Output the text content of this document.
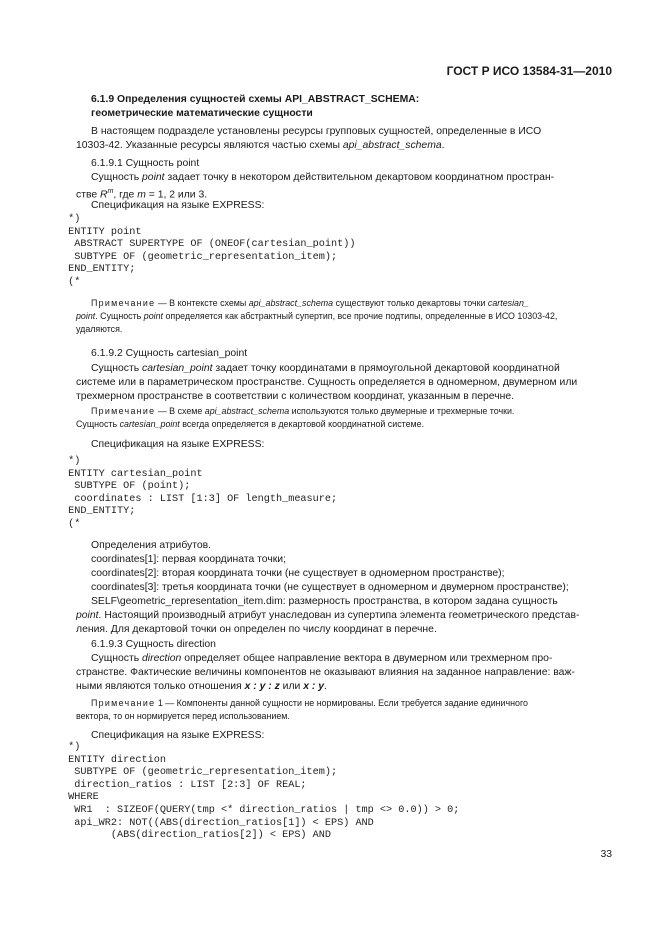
ГОСТ Р ИСО 13584-31—2010
6.1.9 Определения сущностей схемы API_ABSTRACT_SCHEMA:
геометрические математические сущности
В настоящем подразделе установлены ресурсы групповых сущностей, определенные в ИСО
10303-42. Указанные ресурсы являются частью схемы api_abstract_schema.
6.1.9.1 Сущность point
Сущность point задает точку в некотором действительном декартовом координатном простран-
стве $R^m$, где m = 1, 2 или 3.
Спецификация на языке EXPRESS:
*)
ENTITY point
ABSTRACT SUPERTYPE OF (ONEOF(cartesian_point))
SUBTYPE OF (geometric_representation_item);
END_ENTITY;
(*
Примечание — В контексте схемы api_abstract_schema существуют только декартовы точки cartesian_
point. Сущность point определяется как абстрактный супертип, все прочие подтипы, определенные в ИСО 10303-42,
удаляются.
6.1.9.2 Сущность cartesian_point
Сущность cartesian_point задает точку координатами в прямоугольной декартовой координатной
системе или в параметрическом пространстве. Сущность определяется в одномерном, двумерном или
трехмерном пространстве в соответствии с количеством координат, указанным в перечне.
Примечание — В схеме api_abstract_schema используются только двумерные и трехмерные точки.
Сущность cartesian_point всегда определяется в декартовой координатной системе.
Спецификация на языке EXPRESS:
*)
ENTITY cartesian_point
SUBTYPE OF (point);
coordinates : LIST [1:3] OF length_measure;
END_ENTITY;
(*
Определения атрибутов.
coordinates[1]: первая координата точки;
coordinates[2]: вторая координата точки (не существует в одномерном пространстве);
coordinates[3]: третья координата точки (не существует в одномерном и двумерном пространстве);
SELF\geometric_representation_item.dim: размерность пространства, в котором задана сущность
point. Настоящий производный атрибут унаследован из супертипа элемента геометрического представ-
ления. Для декартовой точки он определен по числу координат в перечне.
6.1.9.3 Сущность direction
Сущность direction определяет общее направление вектора в двумерном или трехмерном про-
странстве. Фактические величины компонентов не оказывают влияния на заданное направление: важ-
ными являются только отношения x : y : z или x : y.
Примечание 1 — Компоненты данной сущности не нормированы. Если требуется задание единичного
вектора, то он нормируется перед использованием.
Спецификация на языке EXPRESS:
*)
ENTITY direction
SUBTYPE OF (geometric_representation_item);
direction_ratios : LIST [2:3] OF REAL;
WHERE
WR1  : SIZEOF(QUERY(tmp <* direction_ratios | tmp <> 0.0)) > 0;
api_WR2: NOT((ABS(direction_ratios[1]) < EPS) AND
(ABS(direction_ratios[2]) < EPS) AND
33
